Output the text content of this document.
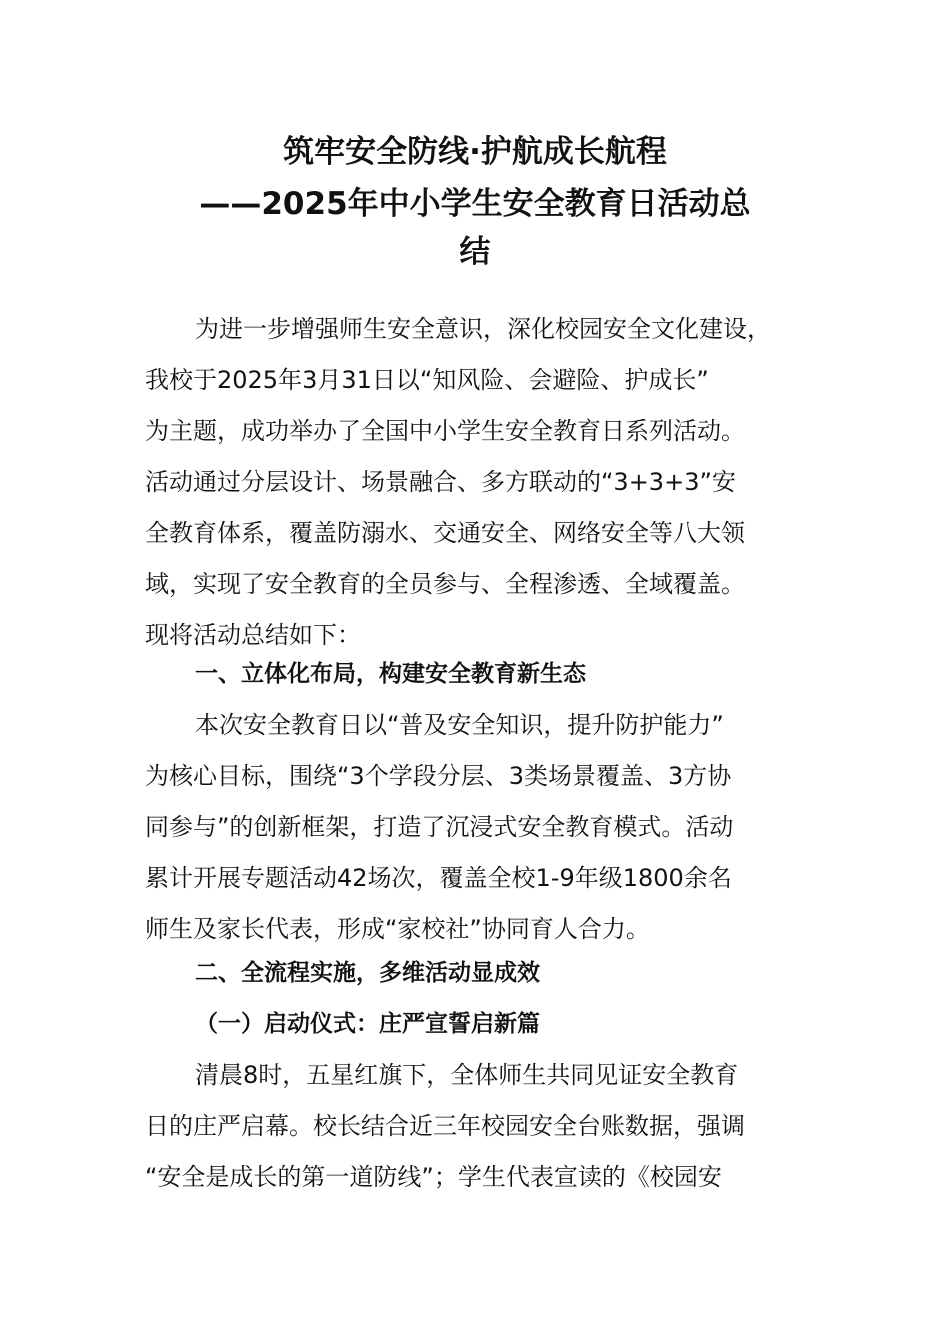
筑牢安全防线·护航成长航程
——2025年中小学生安全教育日活动总
结
为进一步增强师生安全意识，深化校园安全文化建设，
我校于2025年3月31日以“知风险、会避险、护成长”
为主题，成功举办了全国中小学生安全教育日系列活动。
活动通过分层设计、场景融合、多方联动的“3+3+3”安
全教育体系，覆盖防溺水、交通安全、网络安全等八大领
域，实现了安全教育的全员参与、全程渗透、全域覆盖。
现将活动总结如下：
一、立体化布局，构建安全教育新生态
本次安全教育日以“普及安全知识，提升防护能力”
为核心目标，围绕“3个学段分层、3类场景覆盖、3方协
同参与”的创新框架，打造了沉浸式安全教育模式。活动
累计开展专题活动42场次，覆盖全校1-9年级1800余名
师生及家长代表，形成“家校社”协同育人合力。
二、全流程实施，多维活动显成效
（一）启动仪式：庄严宣誓启新篇
清晨8时，五星红旗下，全体师生共同见证安全教育
日的庄严启幕。校长结合近三年校园安全台账数据，强调
“安全是成长的第一道防线”；学生代表宣读的《校园安
